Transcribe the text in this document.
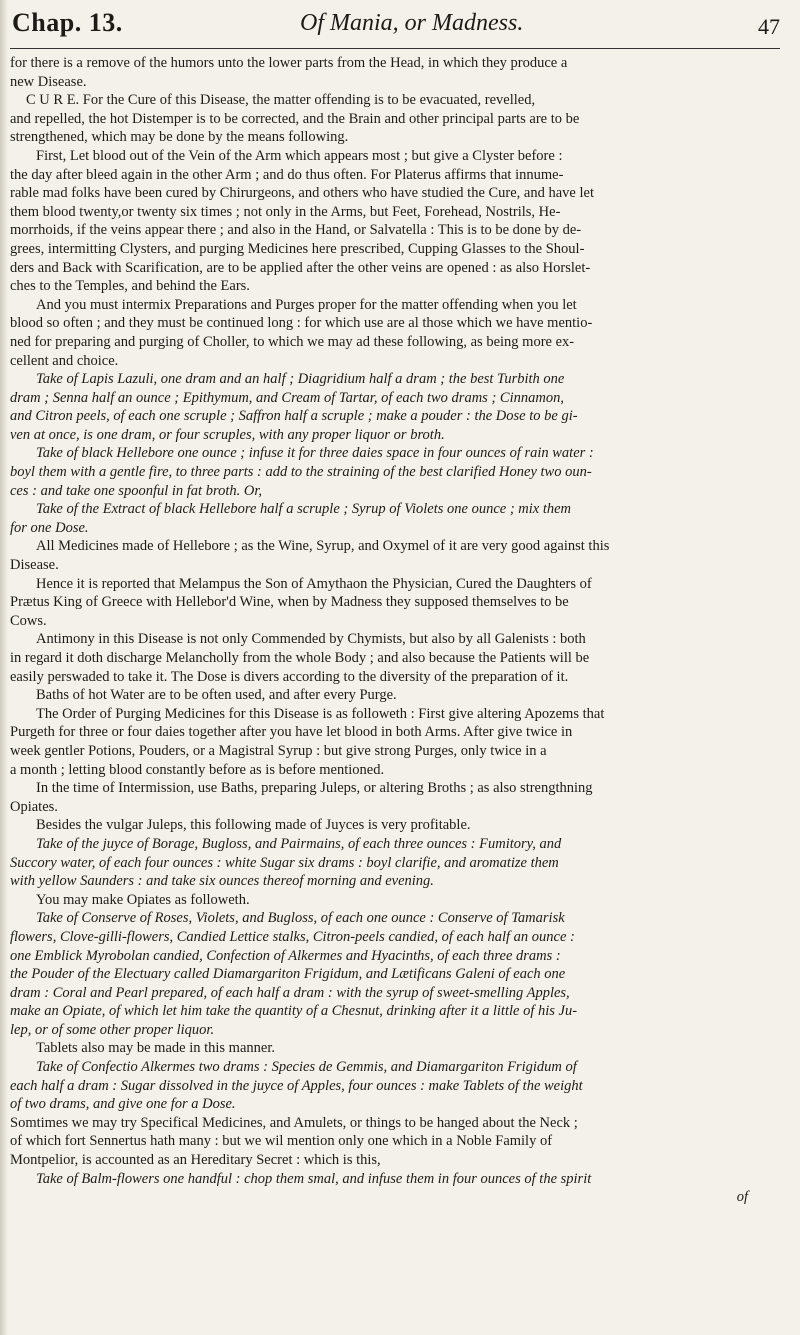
Chap. 13.	Of Mania, or Madness.	47
for there is a remove of the humors unto the lower parts from the Head, in which they produce a
new Disease.
C U R E. For the Cure of this Disease, the matter offending is to be evacuated, revelled,
and repelled, the hot Distemper is to be corrected, and the Brain and other principal parts are to be
strengthened, which may be done by the means following.
First, Let blood out of the Vein of the Arm which appears most ; but give a Clyster before :
the day after bleed again in the other Arm ; and do thus often. For Platerus affirms that innume-
rable mad folks have been cured by Chirurgeons, and others who have studied the Cure, and have let
them blood twenty,or twenty six times ; not only in the Arms, but Feet, Forehead, Nostrils, He-
morrhoids, if the veins appear there ; and also in the Hand, or Salvatella : This is to be done by de-
grees, intermitting Clysters, and purging Medicines here prescribed, Cupping Glasses to the Shoul-
ders and Back with Scarification, are to be applied after the other veins are opened : as also Horslet-
ches to the Temples, and behind the Ears.
And you must intermix Preparations and Purges proper for the matter offending when you let
blood so often ; and they must be continued long : for which use are al those which we have mentio-
ned for preparing and purging of Choller, to which we may ad these following, as being more ex-
cellent and choice.
Take of Lapis Lazuli, one dram and an half ; Diagridium half a dram ; the best Turbith one
dram ; Senna half an ounce ; Epithymum, and Cream of Tartar, of each two drams ; Cinnamon,
and Citron peels, of each one scruple ; Saffron half a scruple ; make a pouder : the Dose to be gi-
ven at once, is one dram, or four scruples, with any proper liquor or broth.
Take of black Hellebore one ounce ; infuse it for three daies space in four ounces of rain water :
boyl them with a gentle fire, to three parts : add to the straining of the best clarified Honey two oun-
ces : and take one spoonful in fat broth. Or,
Take of the Extract of black Hellebore half a scruple ; Syrup of Violets one ounce ; mix them
for one Dose.
All Medicines made of Hellebore ; as the Wine, Syrup, and Oxymel of it are very good against this
Disease.
Hence it is reported that Melampus the Son of Amythaon the Physician, Cured the Daughters of
Prætus King of Greece with Hellebor'd Wine, when by Madness they supposed themselves to be
Cows.
Antimony in this Disease is not only Commended by Chymists, but also by all Galenists : both
in regard it doth discharge Melancholly from the whole Body ; and also because the Patients will be
easily perswaded to take it. The Dose is divers according to the diversity of the preparation of it.
Baths of hot Water are to be often used, and after every Purge.
The Order of Purging Medicines for this Disease is as followeth : First give altering Apozems that
Purgeth for three or four daies together after you have let blood in both Arms. After give twice in
week gentler Potions, Pouders, or a Magistral Syrup : but give strong Purges, only twice in a
a month ; letting blood constantly before as is before mentioned.
In the time of Intermission, use Baths, preparing Juleps, or altering Broths ; as also strengthning
Opiates.
Besides the vulgar Juleps, this following made of Juyces is very profitable.
Take of the juyce of Borage, Bugloss, and Pairmains, of each three ounces : Fumitory, and
Succory water, of each four ounces : white Sugar six drams : boyl clarifie, and aromatize them
with yellow Saunders : and take six ounces thereof morning and evening.
You may make Opiates as followeth.
Take of Conserve of Roses, Violets, and Bugloss, of each one ounce : Conserve of Tamarisk
flowers, Clove-gilli-flowers, Candied Lettice stalks, Citron-peels candied, of each half an ounce :
one Emblick Myrobolan candied, Confection of Alkermes and Hyacinths, of each three drams :
the Pouder of the Electuary called Diamargariton Frigidum, and Lætificans Galeni of each one
dram : Coral and Pearl prepared, of each half a dram : with the syrup of sweet-smelling Apples,
make an Opiate, of which let him take the quantity of a Chesnut, drinking after it a little of his Ju-
lep, or of some other proper liquor.
Tablets also may be made in this manner.
Take of Confectio Alkermes two drams : Species de Gemmis, and Diamargariton Frigidum of
each half a dram : Sugar dissolved in the juyce of Apples, four ounces : make Tablets of the weight
of two drams, and give one for a Dose.
Somtimes we may try Specifical Medicines, and Amulets, or things to be hanged about the Neck ;
of which fort Sennertus hath many : but we wil mention only one which in a Noble Family of
Montpelior, is accounted as an Hereditary Secret : which is this,
Take of Balm-flowers one handful : chop them smal, and infuse them in four ounces of the spirit
of
